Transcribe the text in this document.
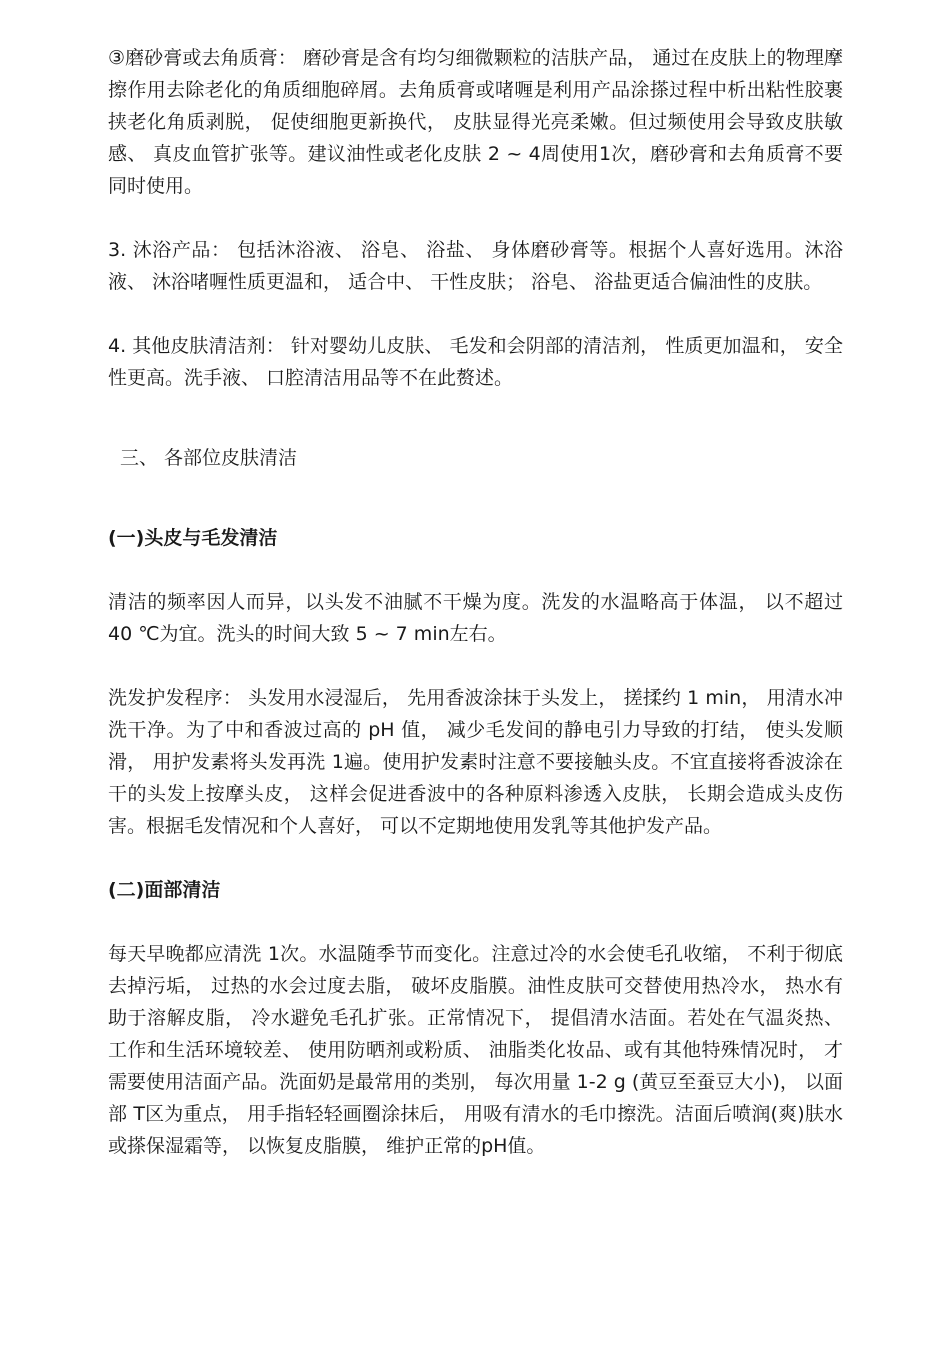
③磨砂膏或去角质膏： 磨砂膏是含有均匀细微颗粒的洁肤产品， 通过在皮肤上的物理摩擦作用去除老化的角质细胞碎屑。去角质膏或啫喱是利用产品涂搽过程中析出粘性胶裹挟老化角质剥脱， 促使细胞更新换代， 皮肤显得光亮柔嫩。但过频使用会导致皮肤敏感、 真皮血管扩张等。建议油性或老化皮肤 2 ~ 4周使用1次，磨砂膏和去角质膏不要同时使用。

3. 沐浴产品： 包括沐浴液、 浴皂、 浴盐、 身体磨砂膏等。根据个人喜好选用。沐浴液、 沐浴啫喱性质更温和， 适合中、 干性皮肤； 浴皂、 浴盐更适合偏油性的皮肤。

4. 其他皮肤清洁剂： 针对婴幼儿皮肤、 毛发和会阴部的清洁剂， 性质更加温和， 安全性更高。洗手液、 口腔清洁用品等不在此赘述。

三、 各部位皮肤清洁
(一)头皮与毛发清洁

清洁的频率因人而异，以头发不油腻不干燥为度。洗发的水温略高于体温， 以不超过 40 ℃为宜。洗头的时间大致 5 ~ 7 min左右。

洗发护发程序： 头发用水浸湿后， 先用香波涂抹于头发上， 搓揉约 1 min， 用清水冲洗干净。为了中和香波过高的 pH 值， 减少毛发间的静电引力导致的打结， 使头发顺滑， 用护发素将头发再洗 1遍。使用护发素时注意不要接触头皮。不宜直接将香波涂在干的头发上按摩头皮， 这样会促进香波中的各种原料渗透入皮肤， 长期会造成头皮伤害。根据毛发情况和个人喜好， 可以不定期地使用发乳等其他护发产品。

(二)面部清洁

每天早晚都应清洗 1次。水温随季节而变化。注意过冷的水会使毛孔收缩， 不利于彻底去掉污垢， 过热的水会过度去脂， 破坏皮脂膜。油性皮肤可交替使用热冷水， 热水有助于溶解皮脂， 冷水避免毛孔扩张。正常情况下， 提倡清水洁面。若处在气温炎热、 工作和生活环境较差、 使用防晒剂或粉质、 油脂类化妆品、或有其他特殊情况时， 才需要使用洁面产品。洗面奶是最常用的类别， 每次用量 1-2 g (黄豆至蚕豆大小)， 以面部 T区为重点， 用手指轻轻画圈涂抹后， 用吸有清水的毛巾擦洗。洁面后喷润(爽)肤水或搽保湿霜等， 以恢复皮脂膜， 维护正常的pH值。
